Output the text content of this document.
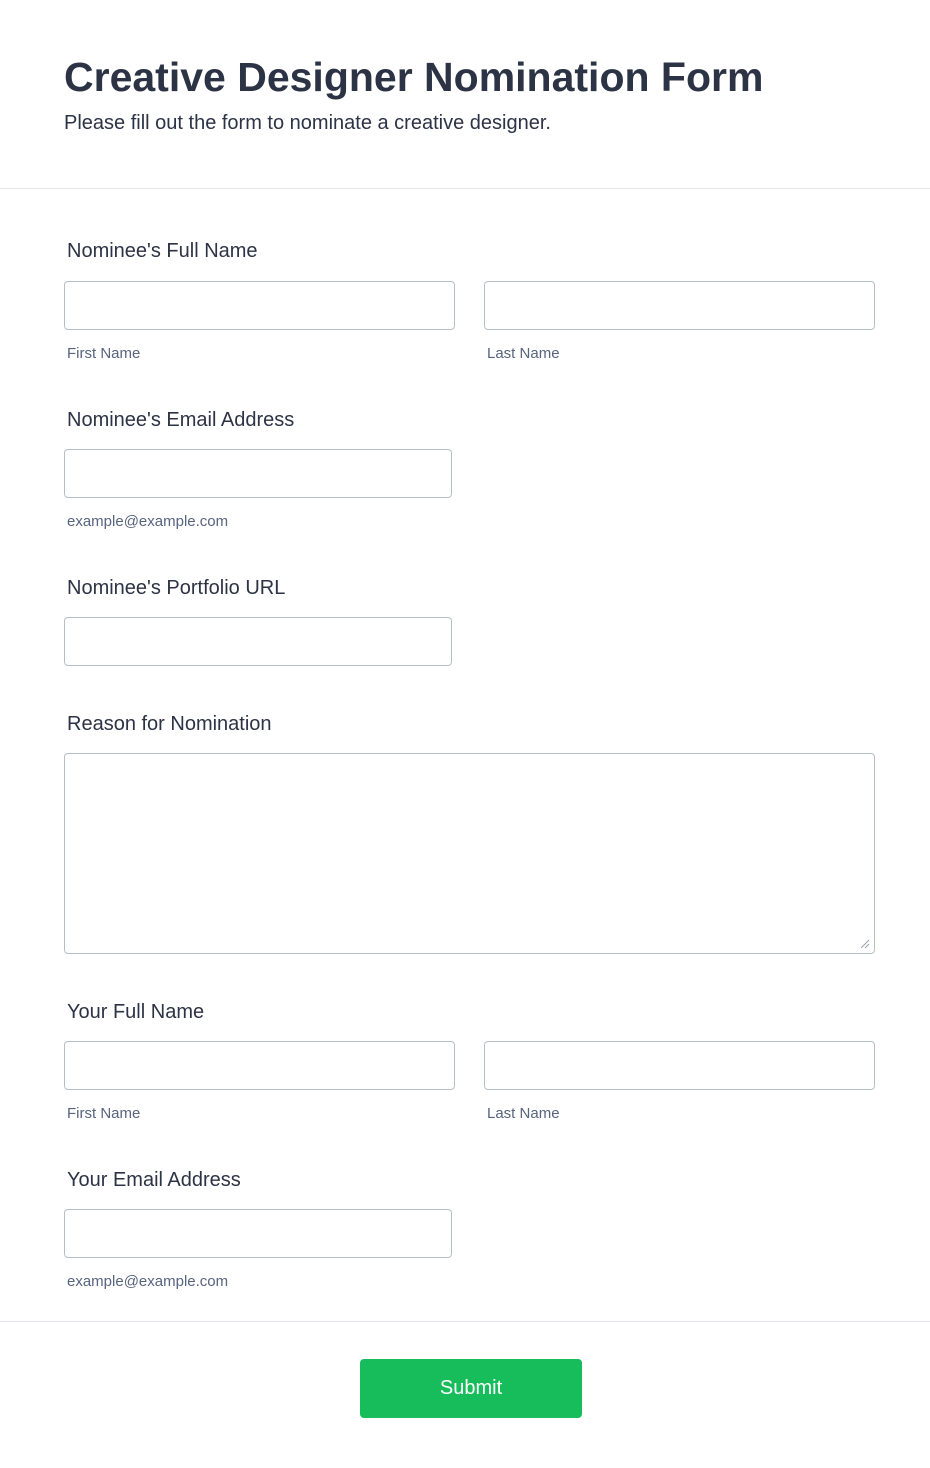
Creative Designer Nomination Form

Please fill out the form to nominate a creative designer.

Nominee's Full Name
First Name	Last Name
Nominee's Email Address
example@example.com
Nominee's Portfolio URL
Reason for Nomination
Your Full Name
First Name	Last Name
Your Email Address
example@example.com
Submit
